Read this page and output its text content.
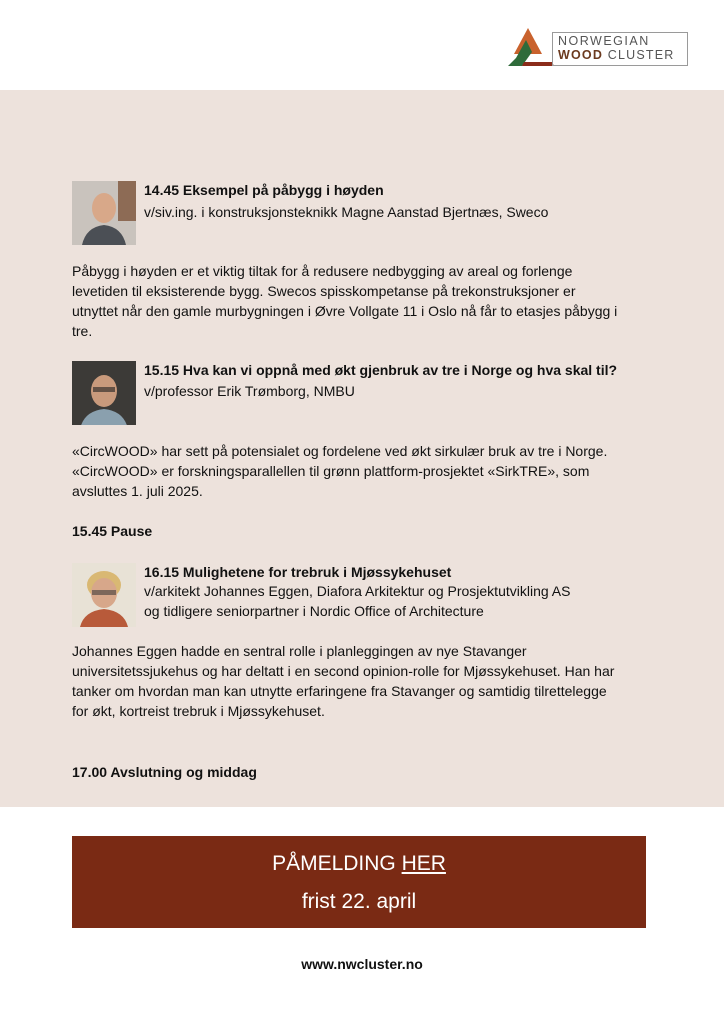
NORWEGIAN
WOOD CLUSTER
14.45 Eksempel på påbygg i høyden
v/siv.ing. i konstruksjonsteknikk Magne Aanstad Bjertnæs, Sweco
Påbygg i høyden er et viktig tiltak for å redusere nedbygging av areal og forlenge
levetiden til eksisterende bygg. Swecos spisskompetanse på trekonstruksjoner er
utnyttet når den gamle murbygningen i Øvre Vollgate 11 i Oslo nå får to etasjes påbygg i
tre.
15.15 Hva kan vi oppnå med økt gjenbruk av tre i Norge og hva skal til?
v/professor Erik Trømborg, NMBU
«CircWOOD» har sett på potensialet og fordelene ved økt sirkulær bruk av tre i Norge.
«CircWOOD» er forskningsparallellen til grønn plattform-prosjektet «SirkTRE», som
avsluttes 1. juli 2025.
15.45 Pause
16.15 Mulighetene for trebruk i Mjøssykehuset
v/arkitekt Johannes Eggen, Diafora Arkitektur og Prosjektutvikling AS
og tidligere seniorpartner i Nordic Office of Architecture
Johannes Eggen hadde en sentral rolle i planleggingen av nye Stavanger
universitetssjukehus og har deltatt i en second opinion-rolle for Mjøssykehuset. Han har
tanker om hvordan man kan utnytte erfaringene fra Stavanger og samtidig tilrettelegge
for økt, kortreist trebruk i Mjøssykehuset.
17.00 Avslutning og middag
PÅMELDING HER
frist 22. april
www.nwcluster.no
